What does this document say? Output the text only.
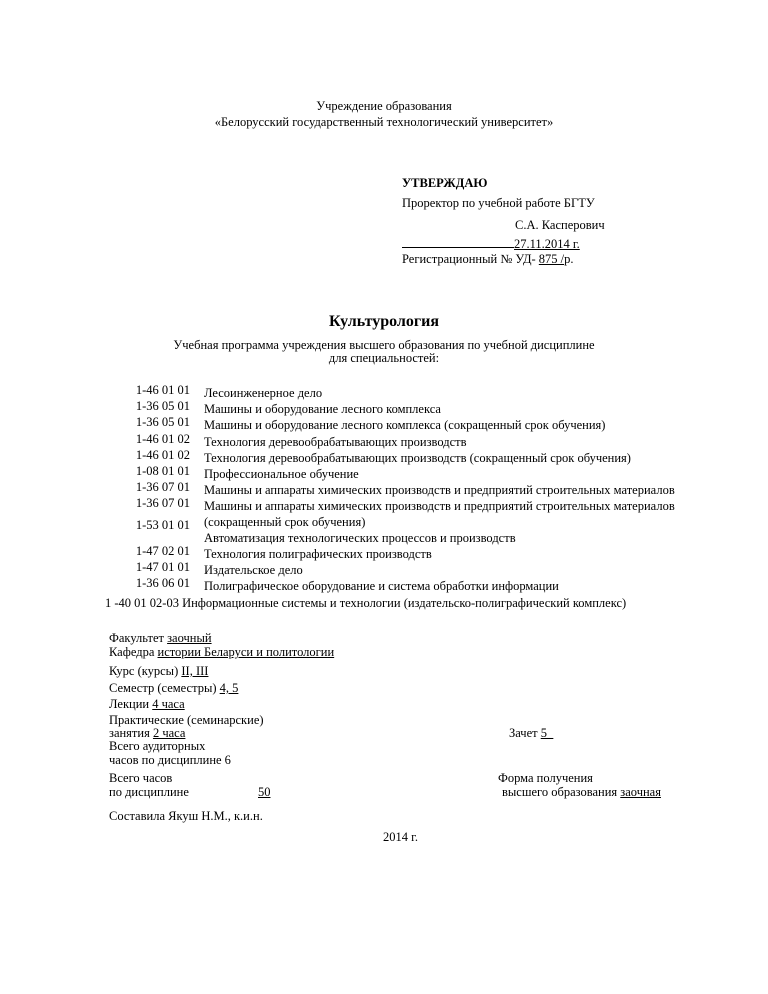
Учреждение образования
«Белорусский государственный технологический университет»
УТВЕРЖДАЮ
Проректор по учебной работе БГТУ
С.А. Касперович
27.11.2014 г.
Регистрационный № УД- 875 /р.
Культурология
Учебная программа учреждения высшего образования по учебной дисциплине
для специальностей:
1-46 01 01
1-36 05 01
1-36 05 01
1-46 01 02
1-46 01 02
1-08 01 01
1-36 07 01
1-36 07 01
1-53 01 01
1-47 02 01
1-47 01 01
1-36 06 01
Лесоинженерное дело
Машины и оборудование лесного комплекса
Машины и оборудование лесного комплекса (сокращенный срок обучения)
Технология деревообрабатывающих производств
Технология деревообрабатывающих производств (сокращенный срок обучения)
Профессиональное обучение
Машины и аппараты химических производств и предприятий строительных материалов
Машины и аппараты химических производств и предприятий строительных материалов
(сокращенный срок обучения)
Автоматизация технологических процессов и производств
Технология полиграфических производств
Издательское дело
Полиграфическое оборудование и система обработки информации
1 -40 01 02-03 Информационные системы и технологии (издательско-полиграфический комплекс)
Факультет заочный
Кафедра истории Беларуси и политологии
Курс (курсы) II, III
Семестр (семестры) 4, 5
Лекции 4 часа
Практические (семинарские)
занятия 2 часа	Зачет 5_
Всего аудиторных
часов по дисциплине 6
Всего часов
по дисциплине	50
Форма получения
высшего образования заочная
Составила Якуш Н.М., к.и.н.
2014 г.
